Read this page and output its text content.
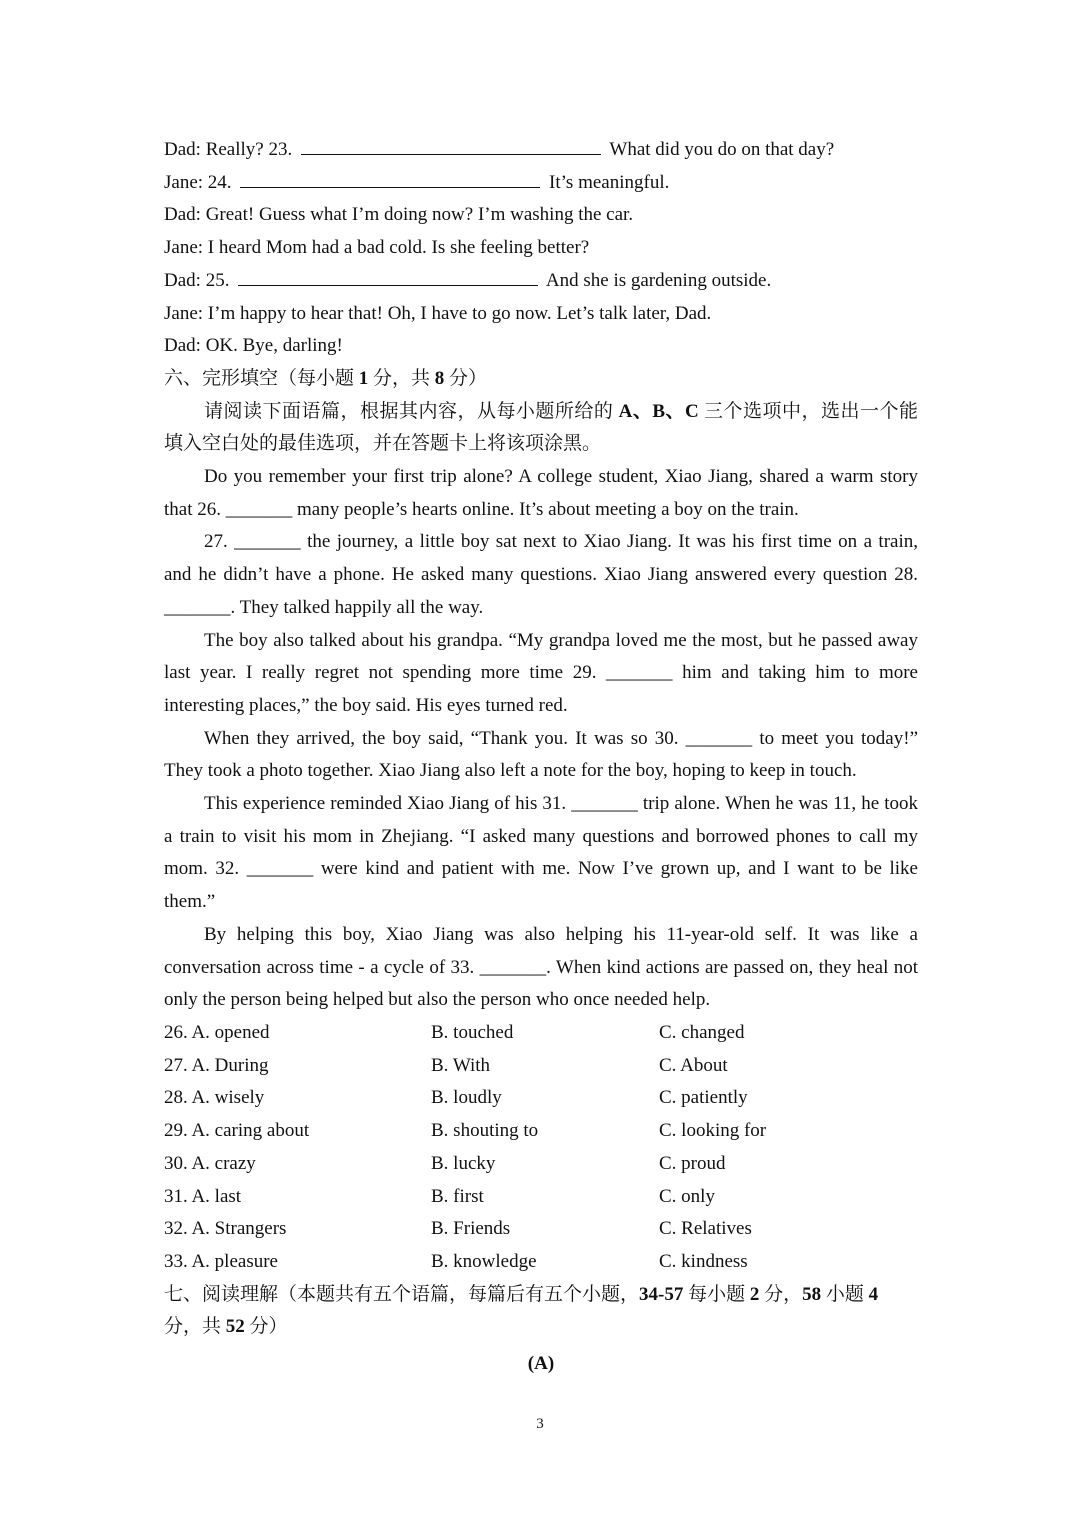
Dad: Really? 23.	What did you do on that day?
Jane: 24.	It’s meaningful.
Dad: Great! Guess what I’m doing now? I’m washing the car.
Jane: I heard Mom had a bad cold. Is she feeling better?
Dad: 25.	And she is gardening outside.
Jane: I’m happy to hear that! Oh, I have to go now. Let’s talk later, Dad.
Dad: OK. Bye, darling!
六、完形填空（每小题 1 分，共 8 分）
请阅读下面语篇，根据其内容，从每小题所给的 A、B、C 三个选项中，选出一个能填入空白处的最佳选项，并在答题卡上将该项涂黑。
Do you remember your first trip alone? A college student, Xiao Jiang, shared a warm story that 26. _______ many people’s hearts online. It’s about meeting a boy on the train.
27. _______ the journey, a little boy sat next to Xiao Jiang. It was his first time on a train, and he didn’t have a phone. He asked many questions. Xiao Jiang answered every question 28. _______. They talked happily all the way.
The boy also talked about his grandpa. “My grandpa loved me the most, but he passed away last year. I really regret not spending more time 29. _______ him and taking him to more interesting places,” the boy said. His eyes turned red.
When they arrived, the boy said, “Thank you. It was so 30. _______ to meet you today!” They took a photo together. Xiao Jiang also left a note for the boy, hoping to keep in touch.
This experience reminded Xiao Jiang of his 31. _______ trip alone. When he was 11, he took a train to visit his mom in Zhejiang. “I asked many questions and borrowed phones to call my mom. 32. _______ were kind and patient with me. Now I’ve grown up, and I want to be like them.”
By helping this boy, Xiao Jiang was also helping his 11-year-old self. It was like a conversation across time - a cycle of 33. _______. When kind actions are passed on, they heal not only the person being helped but also the person who once needed help.
26. A. opened	B. touched	C. changed
27. A. During	B. With	C. About
28. A. wisely	B. loudly	C. patiently
29. A. caring about	B. shouting to	C. looking for
30. A. crazy	B. lucky	C. proud
31. A. last	B. first	C. only
32. A. Strangers	B. Friends	C. Relatives
33. A. pleasure	B. knowledge	C. kindness
七、阅读理解（本题共有五个语篇，每篇后有五个小题，34-57 每小题 2 分，58 小题 4 分，共 52 分）
(A)
3
